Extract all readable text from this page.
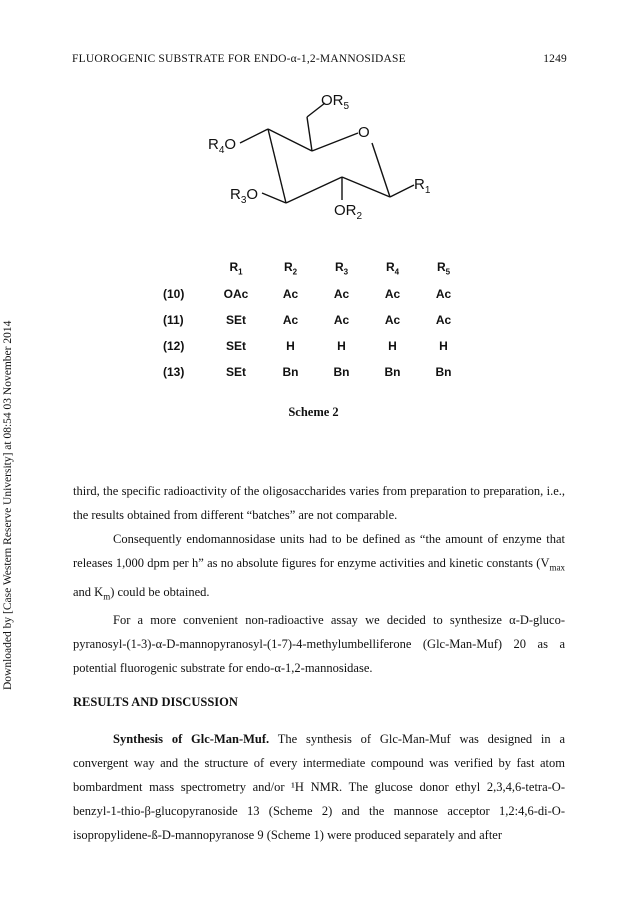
FLUOROGENIC SUBSTRATE FOR ENDO-α-1,2-MANNOSIDASE	1249
Downloaded by [Case Western Reserve University] at 08:54 03 November 2014
$OR_5$
O
$R_4O$
$R_3O$
$OR_2$
$R_1$
	$R_1$	$R_2$	$R_3$	$R_4$	$R_5$
(10)	OAc	Ac	Ac	Ac	Ac
(11)	SEt	Ac	Ac	Ac	Ac
(12)	SEt	H	H	H	H
(13)	SEt	Bn	Bn	Bn	Bn
Scheme 2

third, the specific radioactivity of the oligosaccharides varies from preparation to preparation, i.e., the results obtained from different “batches” are not comparable.

Consequently endomannosidase units had to be defined as “the amount of enzyme that releases 1,000 dpm per h” as no absolute figures for enzyme activities and kinetic constants ($V_{max}$ and $K_m$) could be obtained.

For a more convenient non-radioactive assay we decided to synthesize α-D-gluco-pyranosyl-(1-3)-α-D-mannopyranosyl-(1-7)-4-methylumbelliferone (Glc-Man-Muf) 20 as a potential fluorogenic substrate for endo-α-1,2-mannosidase.

RESULTS AND DISCUSSION

Synthesis of Glc-Man-Muf. The synthesis of Glc-Man-Muf was designed in a convergent way and the structure of every intermediate compound was verified by fast atom bombardment mass spectrometry and/or ¹H NMR. The glucose donor ethyl 2,3,4,6-tetra-O-benzyl-1-thio-β-glucopyranoside 13 (Scheme 2) and the mannose acceptor 1,2:4,6-di-O-isopropylidene-ß-D-mannopyranose 9 (Scheme 1) were produced separately and after
